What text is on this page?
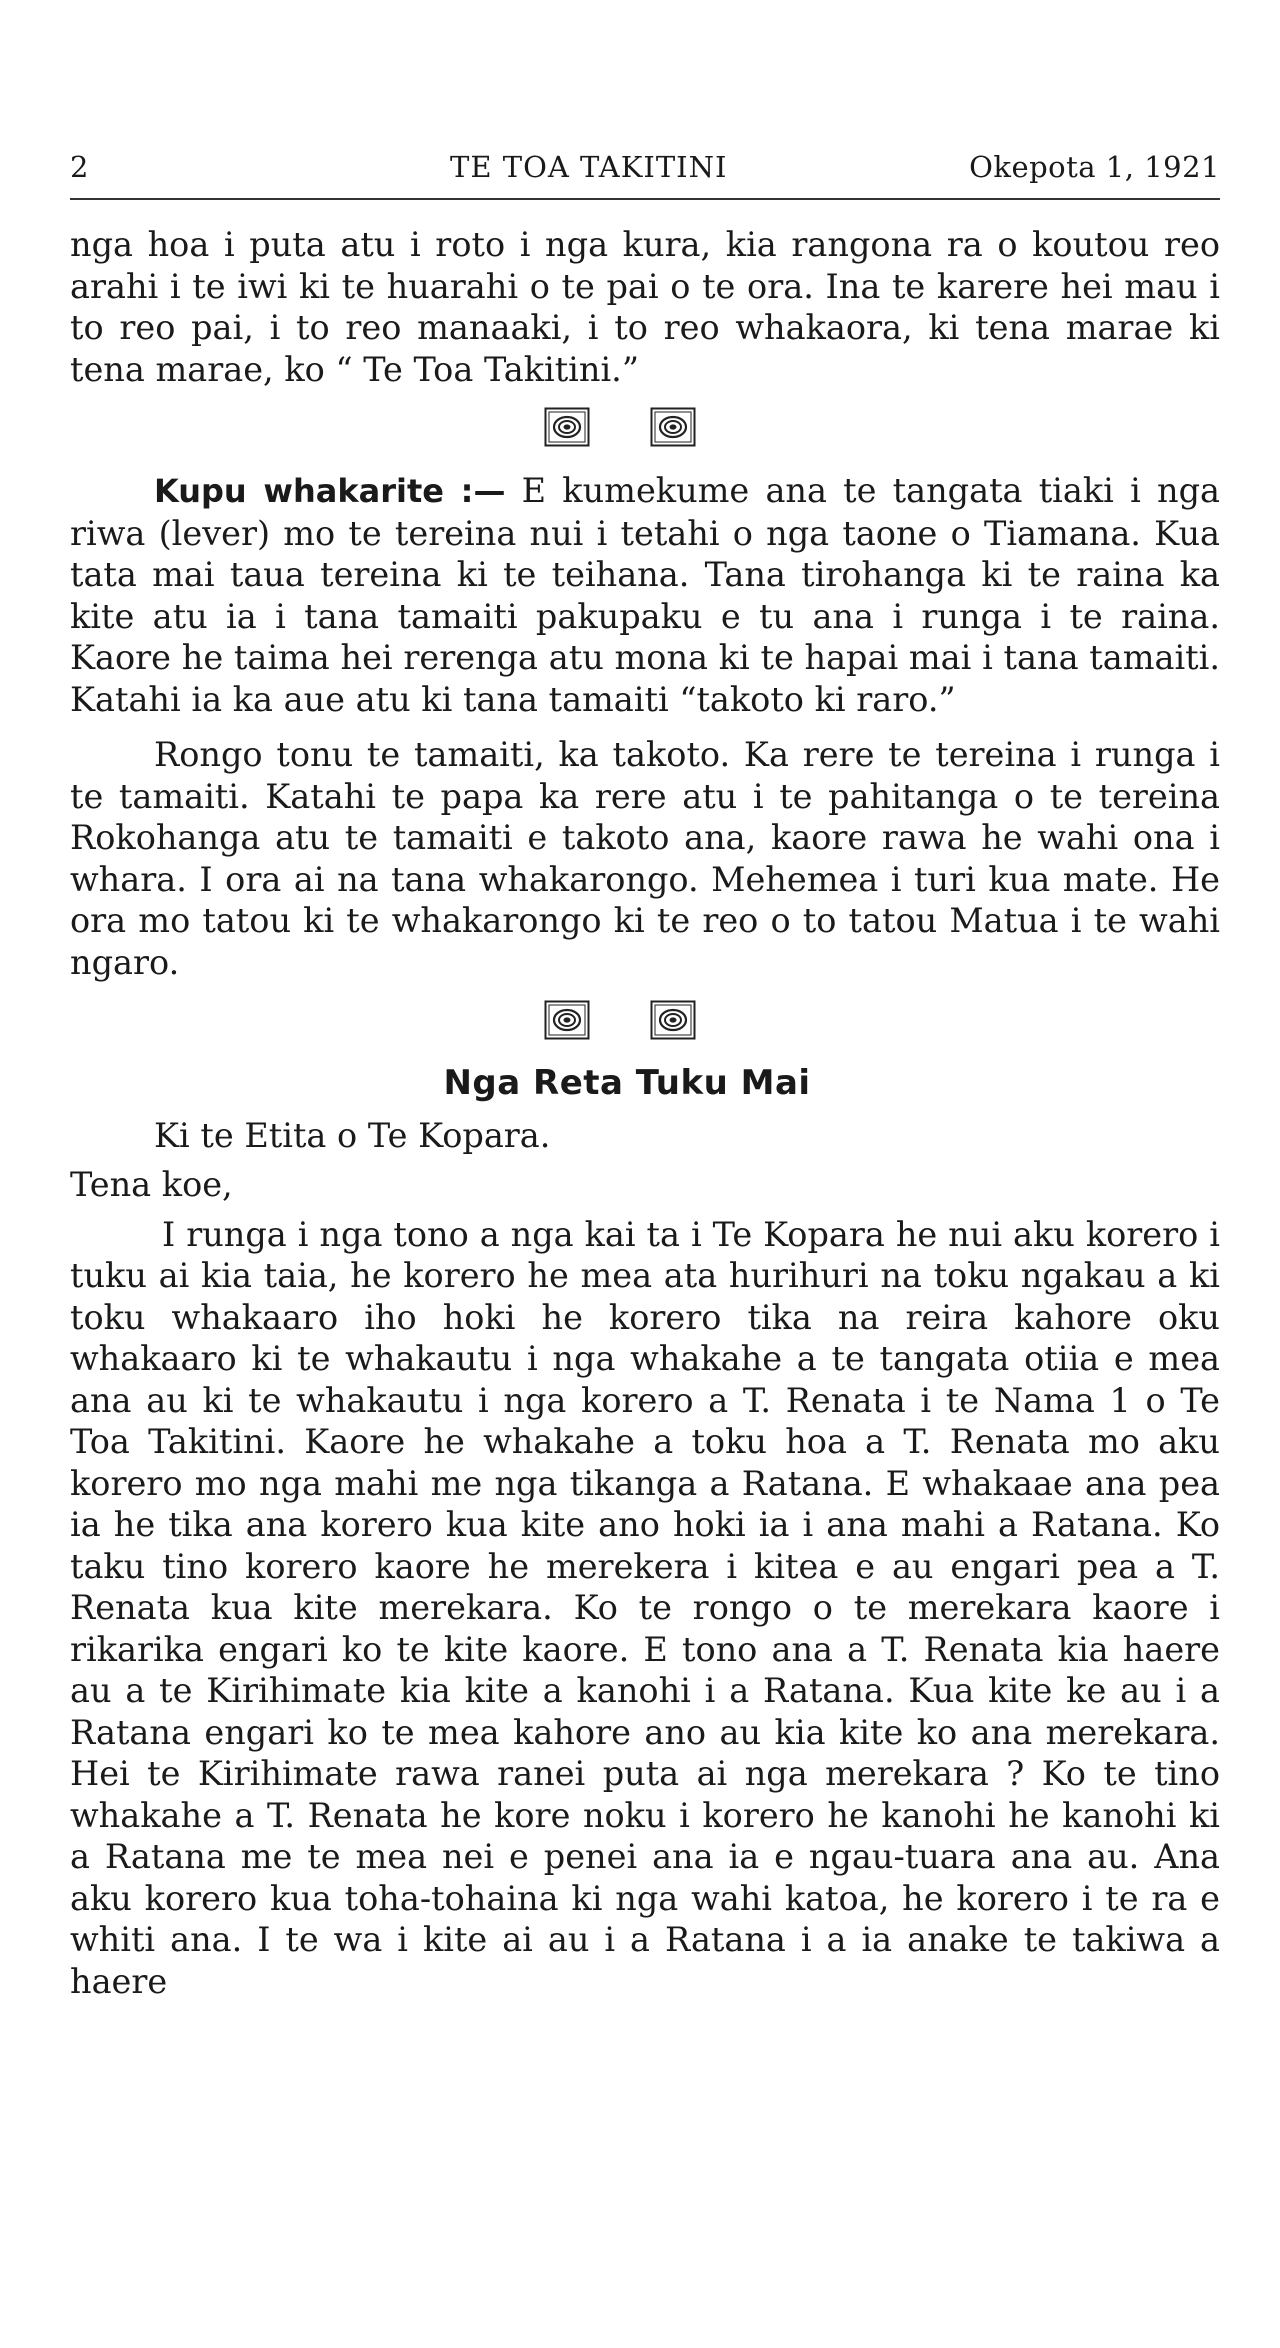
2	TE TOA TAKITINI	Okepota 1, 1921

nga hoa i puta atu i roto i nga kura, kia rangona ra o koutou reo arahi i te iwi ki te huarahi o te pai o te ora. Ina te karere hei mau i to reo pai, i to reo manaaki, i to reo whakaora, ki tena marae ki tena marae, ko “ Te Toa Takitini.”

Kupu whakarite :— E kumekume ana te tangata tiaki i nga riwa (lever) mo te tereina nui i tetahi o nga taone o Tiamana. Kua tata mai taua tereina ki te teihana. Tana tirohanga ki te raina ka kite atu ia i tana tamaiti pakupaku e tu ana i runga i te raina. Kaore he taima hei rerenga atu mona ki te hapai mai i tana tamaiti. Katahi ia ka aue atu ki tana tamaiti “takoto ki raro.”

Rongo tonu te tamaiti, ka takoto. Ka rere te tereina i runga i te tamaiti. Katahi te papa ka rere atu i te pahitanga o te tereina Rokohanga atu te tamaiti e takoto ana, kaore rawa he wahi ona i whara. I ora ai na tana whakarongo. Mehemea i turi kua mate. He ora mo tatou ki te whakarongo ki te reo o to tatou Matua i te wahi ngaro.

Nga Reta Tuku Mai

Ki te Etita o Te Kopara.

Tena koe,

I runga i nga tono a nga kai ta i Te Kopara he nui aku korero i tuku ai kia taia, he korero he mea ata hurihuri na toku ngakau a ki toku whakaaro iho hoki he korero tika na reira kahore oku whakaaro ki te whakautu i nga whakahe a te tangata otiia e mea ana au ki te whakautu i nga korero a T. Renata i te Nama 1 o Te Toa Takitini. Kaore he whakahe a toku hoa a T. Renata mo aku korero mo nga mahi me nga tikanga a Ratana. E whakaae ana pea ia he tika ana korero kua kite ano hoki ia i ana mahi a Ratana. Ko taku tino korero kaore he merekera i kitea e au engari pea a T. Renata kua kite merekara. Ko te rongo o te merekara kaore i rikarika engari ko te kite kaore. E tono ana a T. Renata kia haere au a te Kirihimate kia kite a kanohi i a Ratana. Kua kite ke au i a Ratana engari ko te mea kahore ano au kia kite ko ana merekara. Hei te Kirihimate rawa ranei puta ai nga merekara ? Ko te tino whakahe a T. Renata he kore noku i korero he kanohi he kanohi ki a Ratana me te mea nei e penei ana ia e ngau-tuara ana au. Ana aku korero kua toha-tohaina ki nga wahi katoa, he korero i te ra e whiti ana. I te wa i kite ai au i a Ratana i a ia anake te takiwa a haere
